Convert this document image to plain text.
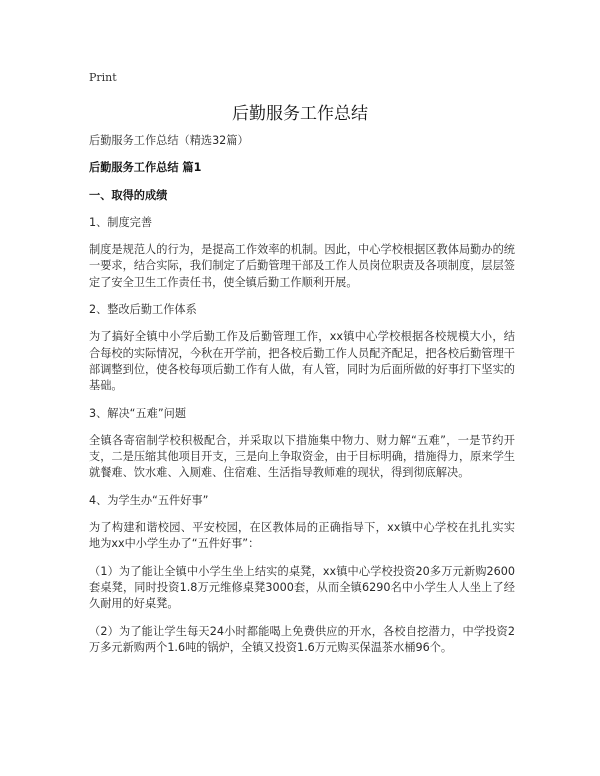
Print
后勤服务工作总结

后勤服务工作总结（精选32篇）

后勤服务工作总结 篇1

一、取得的成绩

1、制度完善

制度是规范人的行为，是提高工作效率的机制。因此，中心学校根据区教体局勤办的统一要求，结合实际，我们制定了后勤管理干部及工作人员岗位职责及各项制度，层层签定了安全卫生工作责任书，使全镇后勤工作顺利开展。

2、整改后勤工作体系

为了搞好全镇中小学后勤工作及后勤管理工作，xx镇中心学校根据各校规模大小，结合每校的实际情况，今秋在开学前，把各校后勤工作人员配齐配足，把各校后勤管理干部调整到位，使各校每项后勤工作有人做，有人管，同时为后面所做的好事打下坚实的基础。

3、解决“五难”问题

全镇各寄宿制学校积极配合，并采取以下措施集中物力、财力解“五难”，一是节约开支，二是压缩其他项目开支，三是向上争取资金，由于目标明确，措施得力，原来学生就餐难、饮水难、入厕难、住宿难、生活指导教师难的现状，得到彻底解决。

4、为学生办“五件好事”

为了构建和谐校园、平安校园，在区教体局的正确指导下，xx镇中心学校在扎扎实实地为xx中小学生办了“五件好事”：

（1）为了能让全镇中小学生坐上结实的桌凳，xx镇中心学校投资20多万元新购2600套桌凳，同时投资1.8万元维修桌凳3000套，从而全镇6290名中小学生人人坐上了经久耐用的好桌凳。

（2）为了能让学生每天24小时都能喝上免费供应的开水，各校自挖潜力，中学投资2万多元新购两个1.6吨的锅炉，全镇又投资1.6万元购买保温茶水桶96个。
